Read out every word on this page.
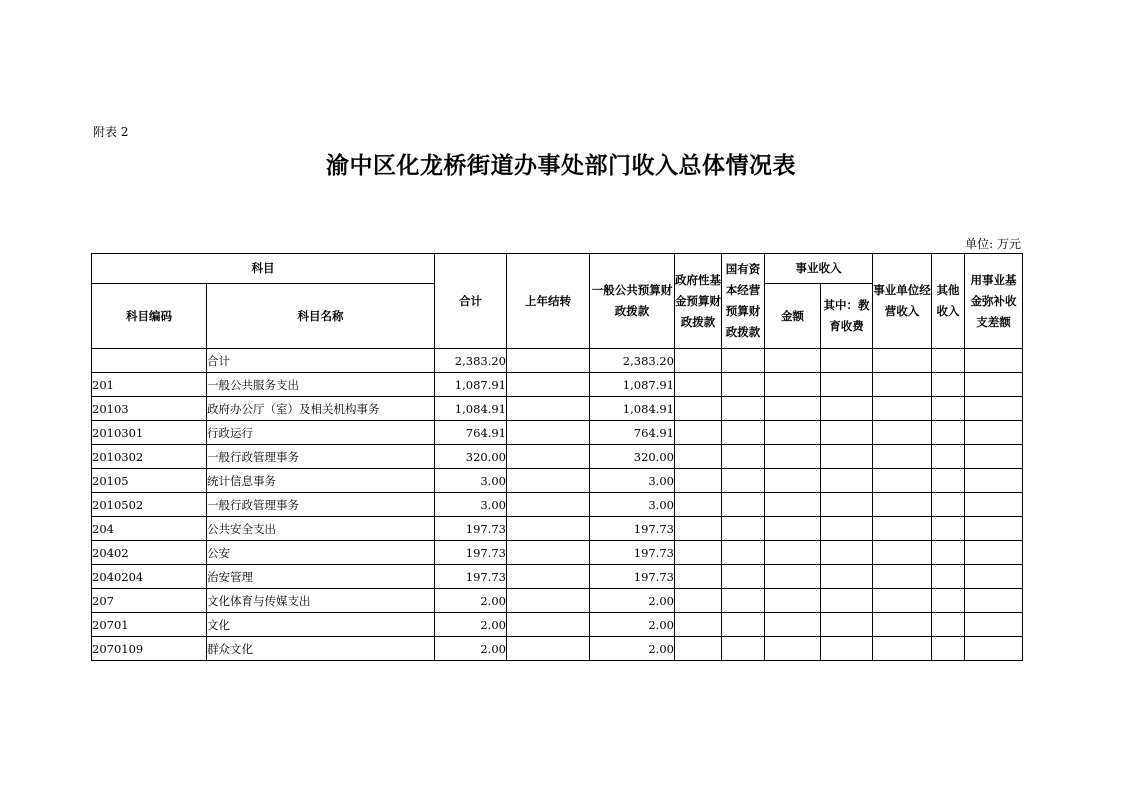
附表 2
渝中区化龙桥街道办事处部门收入总体情况表
单位: 万元
科目		合计	上年结转	一般公共预算财政拨款	政府性基金预算财政拨款	国有资本经营预算财政拨款	事业收入		事业单位经营收入	其他收入	用事业基金弥补收支差额
科目编码	科目名称						金额	其中：教育收费			
	合计	2,383.20		2,383.20							
201	一般公共服务支出	1,087.91		1,087.91							
20103	政府办公厅（室）及相关机构事务	1,084.91		1,084.91							
2010301	行政运行	764.91		764.91							
2010302	一般行政管理事务	320.00		320.00							
20105	统计信息事务	3.00		3.00							
2010502	一般行政管理事务	3.00		3.00							
204	公共安全支出	197.73		197.73							
20402	公安	197.73		197.73							
2040204	治安管理	197.73		197.73							
207	文化体育与传媒支出	2.00		2.00							
20701	文化	2.00		2.00							
2070109	群众文化	2.00		2.00							
